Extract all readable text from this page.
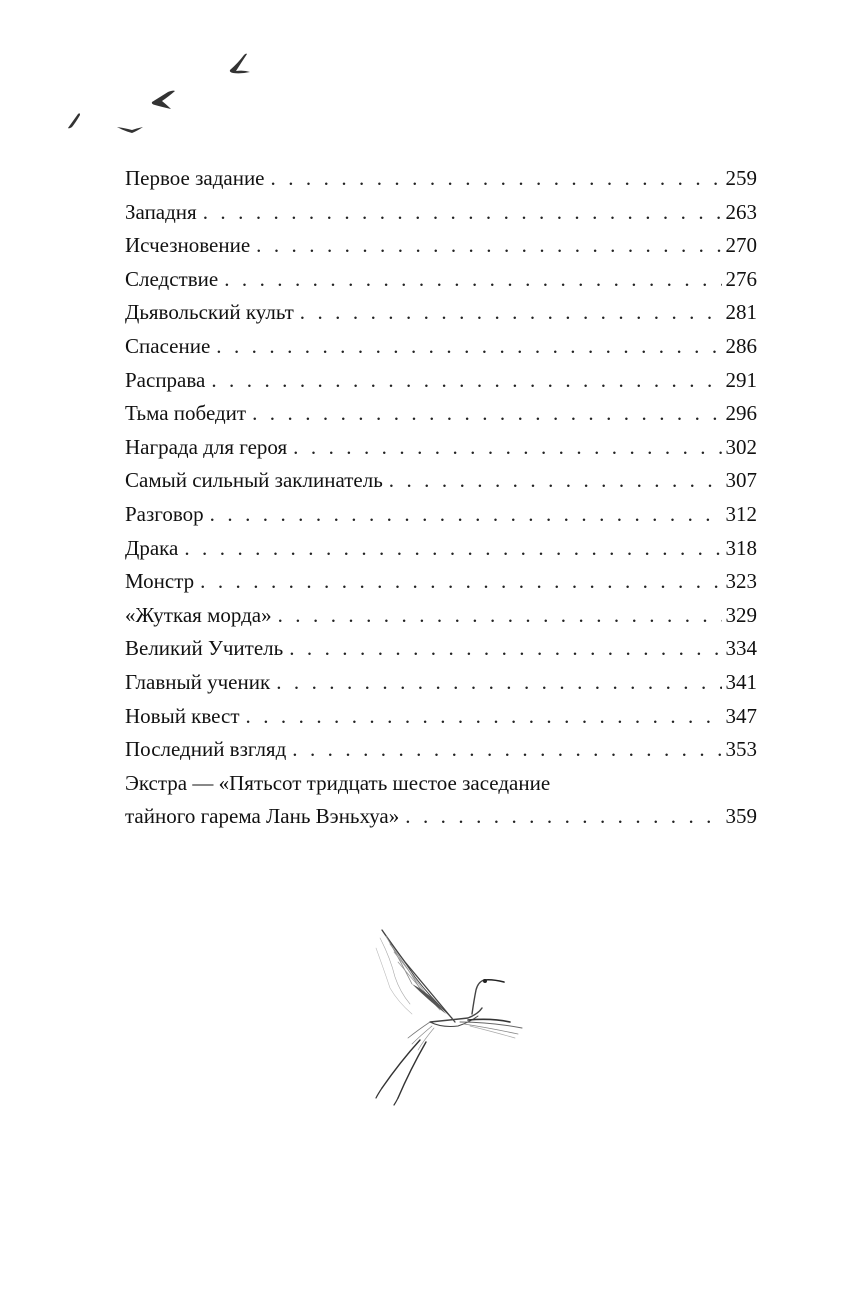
Первое задание . . .	259
Западня . . .	263
Исчезновение . . .	270
Следствие . . .	276
Дьявольский культ . . .	281
Спасение . . .	286
Расправа . . .	291
Тьма победит . . .	296
Награда для героя . . .	302
Самый сильный заклинатель . . .	307
Разговор . . .	312
Драка . . .	318
Монстр . . .	323
«Жуткая морда» . . .	329
Великий Учитель . . .	334
Главный ученик . . .	341
Новый квест . . .	347
Последний взгляд . . .	353
Экстра — «Пятьсот тридцать шестое заседание
тайного гарема Лань Вэньхуа» . . .	359
